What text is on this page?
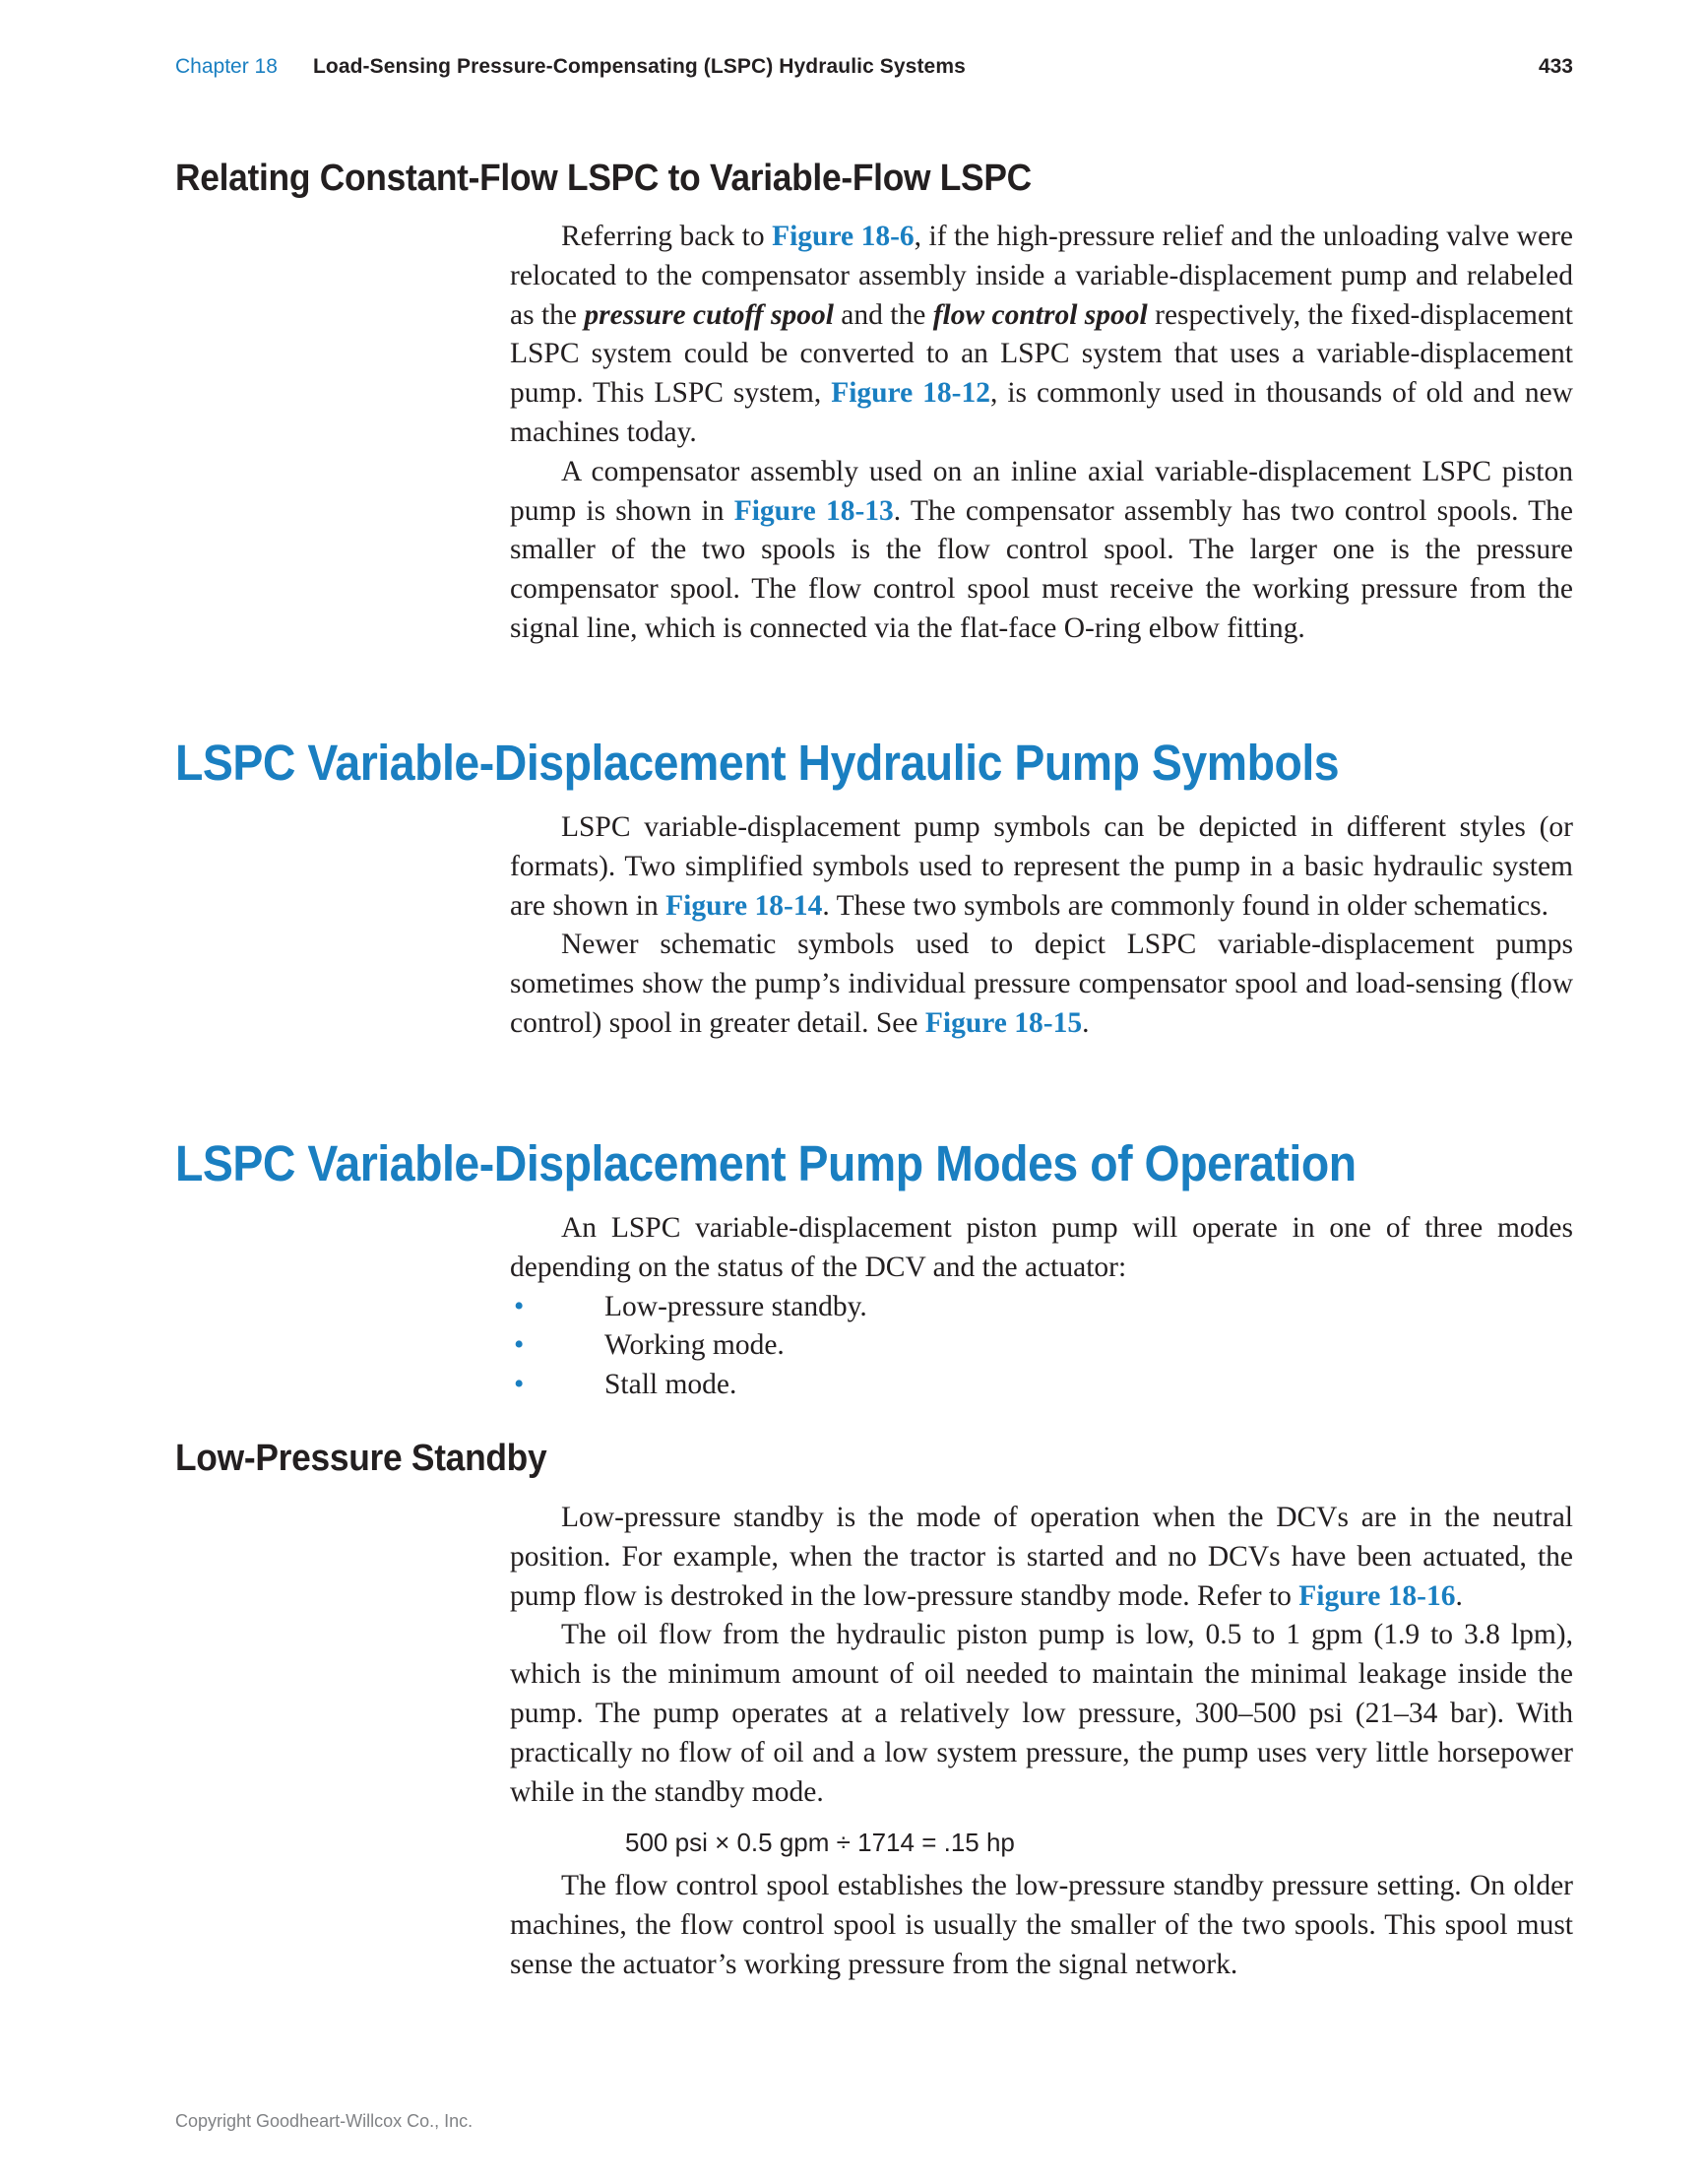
Chapter 18 Load-Sensing Pressure-Compensating (LSPC) Hydraulic Systems	433
Relating Constant-Flow LSPC to Variable-Flow LSPC

Referring back to Figure 18-6, if the high-pressure relief and the unloading valve were relocated to the compensator assembly inside a variable-displacement pump and relabeled as the pressure cutoff spool and the flow control spool respectively, the fixed-displacement LSPC system could be converted to an LSPC system that uses a variable-displacement pump. This LSPC system, Figure 18-12, is commonly used in thousands of old and new machines today.

A compensator assembly used on an inline axial variable-displacement LSPC piston pump is shown in Figure 18-13. The compensator assembly has two control spools. The smaller of the two spools is the flow control spool. The larger one is the pressure compensator spool. The flow control spool must receive the working pressure from the signal line, which is connected via the flat-face O-ring elbow fitting.

LSPC Variable-Displacement Hydraulic Pump Symbols

LSPC variable-displacement pump symbols can be depicted in different styles (or formats). Two simplified symbols used to represent the pump in a basic hydraulic system are shown in Figure 18-14. These two symbols are commonly found in older schematics.

Newer schematic symbols used to depict LSPC variable-displacement pumps sometimes show the pump’s individual pressure compensator spool and load-sensing (flow control) spool in greater detail. See Figure 18-15.

LSPC Variable-Displacement Pump Modes of Operation

An LSPC variable-displacement piston pump will operate in one of three modes depending on the status of the DCV and the actuator:

•	Low-pressure standby.
•	Working mode.
•	Stall mode.
Low-Pressure Standby

Low-pressure standby is the mode of operation when the DCVs are in the neutral position. For example, when the tractor is started and no DCVs have been actuated, the pump flow is destroked in the low-pressure standby mode. Refer to Figure 18-16.

The oil flow from the hydraulic piston pump is low, 0.5 to 1 gpm (1.9 to 3.8 lpm), which is the minimum amount of oil needed to maintain the minimal leakage inside the pump. The pump operates at a relatively low pressure, 300–500 psi (21–34 bar). With practically no flow of oil and a low system pressure, the pump uses very little horsepower while in the standby mode.

500 psi × 0.5 gpm ÷ 1714 = .15 hp

The flow control spool establishes the low-pressure standby pressure setting. On older machines, the flow control spool is usually the smaller of the two spools. This spool must sense the actuator’s working pressure from the signal network.

Copyright Goodheart-Willcox Co., Inc.
